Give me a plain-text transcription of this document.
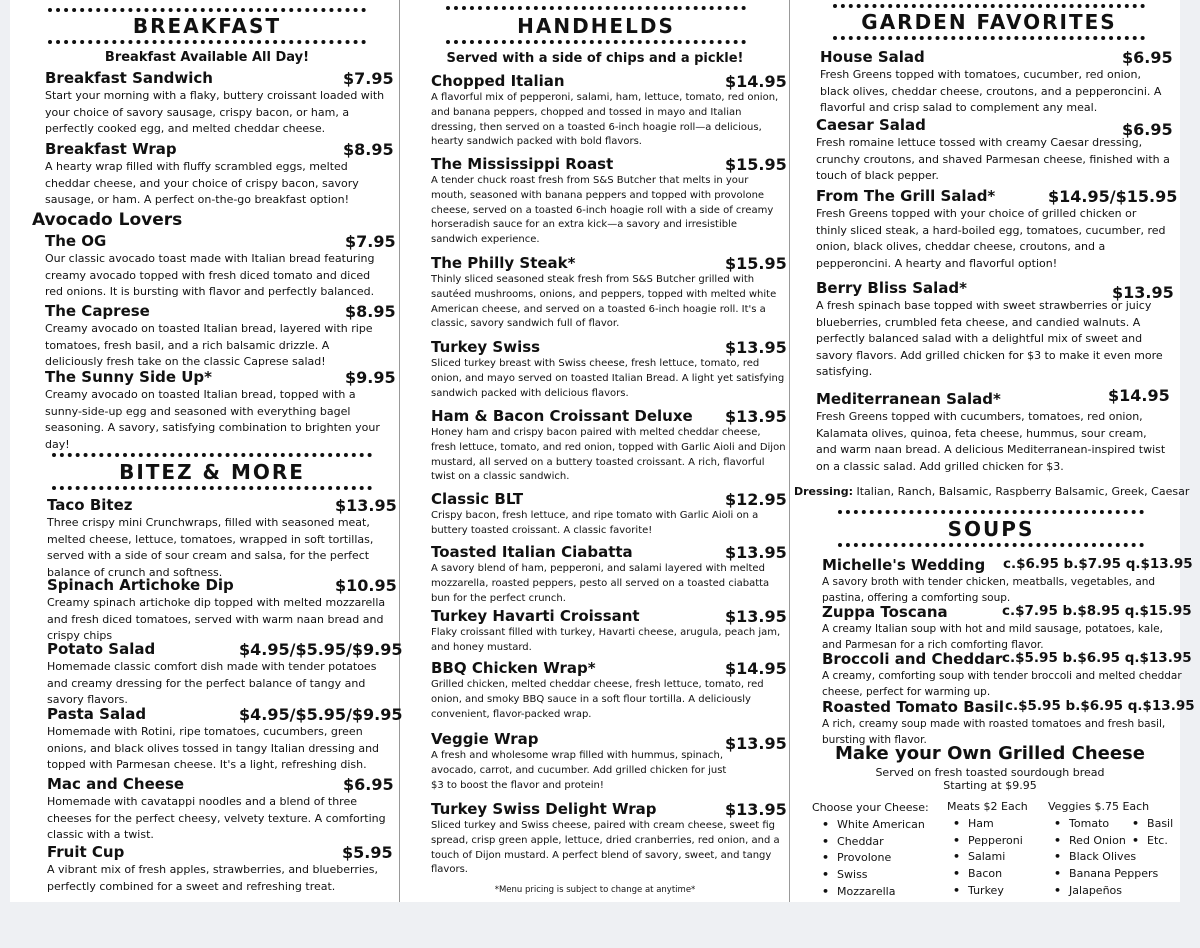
BREAKFAST
Breakfast Available All Day!
Breakfast Sandwich	$7.95
Start your morning with a flaky, buttery croissant loaded with your choice of savory sausage, crispy bacon, or ham, a perfectly cooked egg, and melted cheddar cheese.
Breakfast Wrap	$8.95
A hearty wrap filled with fluffy scrambled eggs, melted cheddar cheese, and your choice of crispy bacon, savory sausage, or ham. A perfect on-the-go breakfast option!
Avocado Lovers
The OG	$7.95
Our classic avocado toast made with Italian bread featuring creamy avocado topped with fresh diced tomato and diced red onions. It is bursting with flavor and perfectly balanced.
The Caprese	$8.95
Creamy avocado on toasted Italian bread, layered with ripe tomatoes, fresh basil, and a rich balsamic drizzle. A deliciously fresh take on the classic Caprese salad!
The Sunny Side Up*	$9.95
Creamy avocado on toasted Italian bread, topped with a sunny-side-up egg and seasoned with everything bagel seasoning. A savory, satisfying combination to brighten your day!
BITEZ & MORE
Taco Bitez	$13.95
Three crispy mini Crunchwraps, filled with seasoned meat, melted cheese, lettuce, tomatoes, wrapped in soft tortillas, served with a side of sour cream and salsa, for the perfect balance of crunch and softness.
Spinach Artichoke Dip	$10.95
Creamy spinach artichoke dip topped with melted mozzarella and fresh diced tomatoes, served with warm naan bread and crispy chips
Potato Salad	$4.95/$5.95/$9.95
Homemade classic comfort dish made with tender potatoes and creamy dressing for the perfect balance of tangy and savory flavors.
Pasta Salad	$4.95/$5.95/$9.95
Homemade with Rotini, ripe tomatoes, cucumbers, green onions, and black olives tossed in tangy Italian dressing and topped with Parmesan cheese. It's a light, refreshing dish.
Mac and Cheese	$6.95
Homemade with cavatappi noodles and a blend of three cheeses for the perfect cheesy, velvety texture. A comforting classic with a twist.
Fruit Cup	$5.95
A vibrant mix of fresh apples, strawberries, and blueberries, perfectly combined for a sweet and refreshing treat.
HANDHELDS
Served with a side of chips and a pickle!
Chopped Italian	$14.95
A flavorful mix of pepperoni, salami, ham, lettuce, tomato, red onion, and banana peppers, chopped and tossed in mayo and Italian dressing, then served on a toasted 6-inch hoagie roll—a delicious, hearty sandwich packed with bold flavors.
The Mississippi Roast	$15.95
A tender chuck roast fresh from S&S Butcher that melts in your mouth, seasoned with banana peppers and topped with provolone cheese, served on a toasted 6-inch hoagie roll with a side of creamy horseradish sauce for an extra kick—a savory and irresistible sandwich experience.
The Philly Steak*	$15.95
Thinly sliced seasoned steak fresh from S&S Butcher grilled with sautéed mushrooms, onions, and peppers, topped with melted white American cheese, and served on a toasted 6-inch hoagie roll. It's a classic, savory sandwich full of flavor.
Turkey Swiss	$13.95
Sliced turkey breast with Swiss cheese, fresh lettuce, tomato, red onion, and mayo served on toasted Italian Bread. A light yet satisfying sandwich packed with delicious flavors.
Ham & Bacon Croissant Deluxe	$13.95
Honey ham and crispy bacon paired with melted cheddar cheese, fresh lettuce, tomato, and red onion, topped with Garlic Aioli and Dijon mustard, all served on a buttery toasted croissant. A rich, flavorful twist on a classic sandwich.
Classic BLT	$12.95
Crispy bacon, fresh lettuce, and ripe tomato with Garlic Aioli on a buttery toasted croissant. A classic favorite!
Toasted Italian Ciabatta	$13.95
A savory blend of ham, pepperoni, and salami layered with melted mozzarella, roasted peppers, pesto all served on a toasted ciabatta bun for the perfect crunch.
Turkey Havarti Croissant	$13.95
Flaky croissant filled with turkey, Havarti cheese, arugula, peach jam, and honey mustard.
BBQ Chicken Wrap*	$14.95
Grilled chicken, melted cheddar cheese, fresh lettuce, tomato, red onion, and smoky BBQ sauce in a soft flour tortilla. A deliciously convenient, flavor-packed wrap.
Veggie Wrap	$13.95
A fresh and wholesome wrap filled with hummus, spinach, avocado, carrot, and cucumber. Add grilled chicken for just $3 to boost the flavor and protein!
Turkey Swiss Delight Wrap	$13.95
Sliced turkey and Swiss cheese, paired with cream cheese, sweet fig spread, crisp green apple, lettuce, dried cranberries, red onion, and a touch of Dijon mustard. A perfect blend of savory, sweet, and tangy flavors.
*Menu pricing is subject to change at anytime*
GARDEN FAVORITES
House Salad	$6.95
Fresh Greens topped with tomatoes, cucumber, red onion, black olives, cheddar cheese, croutons, and a pepperoncini. A flavorful and crisp salad to complement any meal.
Caesar Salad	$6.95
Fresh romaine lettuce tossed with creamy Caesar dressing, crunchy croutons, and shaved Parmesan cheese, finished with a touch of black pepper.
From The Grill Salad*	$14.95/$15.95
Fresh Greens topped with your choice of grilled chicken or thinly sliced steak, a hard-boiled egg, tomatoes, cucumber, red onion, black olives, cheddar cheese, croutons, and a pepperoncini. A hearty and flavorful option!
Berry Bliss Salad*	$13.95
A fresh spinach base topped with sweet strawberries or juicy blueberries, crumbled feta cheese, and candied walnuts. A perfectly balanced salad with a delightful mix of sweet and savory flavors. Add grilled chicken for $3 to make it even more satisfying.
Mediterranean Salad*	$14.95
Fresh Greens topped with cucumbers, tomatoes, red onion, Kalamata olives, quinoa, feta cheese, hummus, sour cream, and warm naan bread. A delicious Mediterranean-inspired twist on a classic salad. Add grilled chicken for $3.
Dressing: Italian, Ranch, Balsamic, Raspberry Balsamic, Greek, Caesar
SOUPS
Michelle's Wedding	c.$6.95 b.$7.95 q.$13.95
A savory broth with tender chicken, meatballs, vegetables, and pastina, offering a comforting soup.
Zuppa Toscana	c.$7.95 b.$8.95 q.$15.95
A creamy Italian soup with hot and mild sausage, potatoes, kale, and Parmesan for a rich comforting flavor.
Broccoli and Cheddar c.$5.95 b.$6.95 q.$13.95
A creamy, comforting soup with tender broccoli and melted cheddar cheese, perfect for warming up.
Roasted Tomato Basil c.$5.95 b.$6.95 q.$13.95
A rich, creamy soup made with roasted tomatoes and fresh basil, bursting with flavor.
Make your Own Grilled Cheese
Served on fresh toasted sourdough bread
Starting at $9.95
Choose your Cheese:
• White American
• Cheddar
• Provolone
• Swiss
• Mozzarella
Meats $2 Each
• Ham
• Pepperoni
• Salami
• Bacon
• Turkey
Veggies $.75 Each
• Tomato
• Red Onion
• Black Olives
• Banana Peppers
• Jalapeños
• Basil
• Etc.
